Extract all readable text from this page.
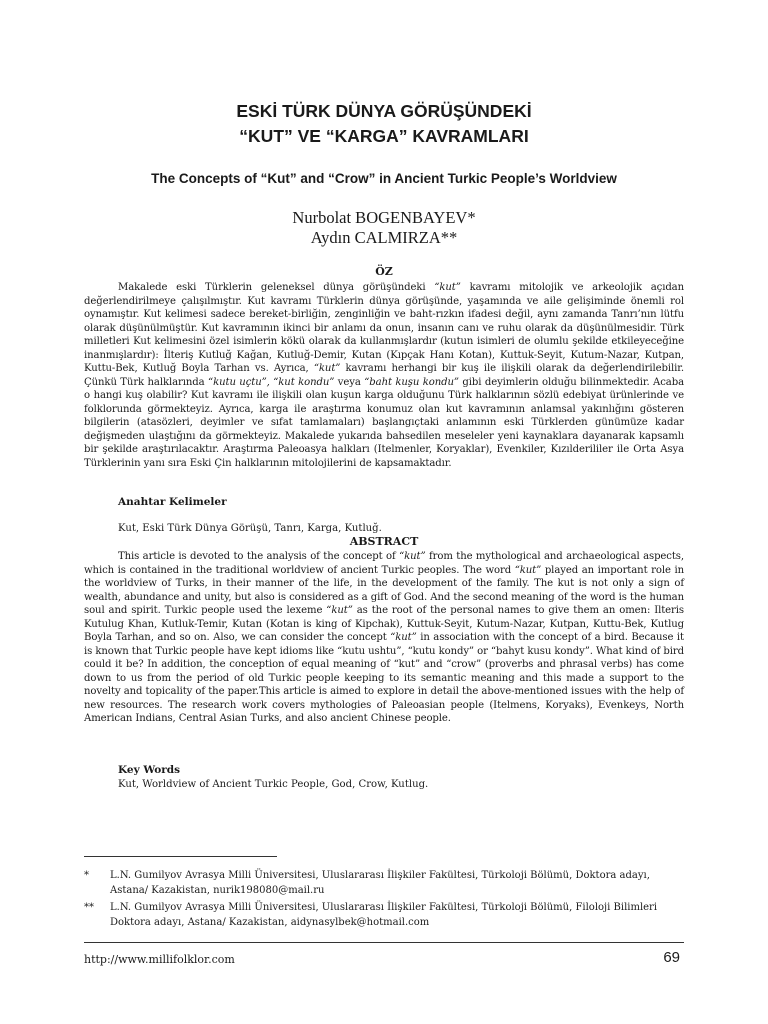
ESKİ TÜRK DÜNYA GÖRÜŞÜNDEKİ
“KUT” VE “KARGA” KAVRAMLARI
The Concepts of “Kut” and “Crow” in Ancient Turkic People’s Worldview
Nurbolat BOGENBAYEV*
Aydın CALMIRZA**
ÖZ

Makalede eski Türklerin geleneksel dünya görüşündeki “kut” kavramı mitolojik ve arkeolojik açıdan değerlendirilmeye çalışılmıştır. Kut kavramı Türklerin dünya görüşünde, yaşamında ve aile gelişiminde önemli rol oynamıştır. Kut kelimesi sadece bereket-birliğin, zenginliğin ve baht-rızkın ifadesi değil, aynı zamanda Tanrı’nın lütfu olarak düşünülmüştür. Kut kavramının ikinci bir anlamı da onun, insanın canı ve ruhu olarak da düşünülmesidir. Türk milletleri Kut kelimesini özel isimlerin kökü olarak da kullanmışlardır (kutun isimleri de olumlu şekilde etkileyeceğine inanmışlardır): İlteriş Kutluğ Kağan, Kutluğ-Demir, Kutan (Kıpçak Hanı Kotan), Kuttuk-Seyit, Kutum-Nazar, Kutpan, Kuttu-Bek, Kutluğ Boyla Tarhan vs. Ayrıca, “kut” kavramı herhangi bir kuş ile ilişkili olarak da değerlendirilebilir. Çünkü Türk halklarında “kutu uçtu”, “kut kondu” veya “baht kuşu kondu” gibi deyimlerin olduğu bilinmektedir. Acaba o hangi kuş olabilir? Kut kavramı ile ilişkili olan kuşun karga olduğunu Türk halklarının sözlü edebiyat ürünlerinde ve folklorunda görmekteyiz. Ayrıca, karga ile araştırma konumuz olan kut kavramının anlamsal yakınlığını gösteren bilgilerin (atasözleri, deyimler ve sıfat tamlamaları) başlangıçtaki anlamının eski Türklerden günümüze kadar değişmeden ulaştığını da görmekteyiz. Makalede yukarıda bahsedilen meseleler yeni kaynaklara dayanarak kapsamlı bir şekilde araştırılacaktır. Araştırma Paleoasya halkları (Itelmenler, Koryaklar), Evenkiler, Kızılderililer ile Orta Asya Türklerinin yanı sıra Eski Çin halklarının mitolojilerini de kapsamaktadır.

Anahtar Kelimeler
Kut, Eski Türk Dünya Görüşü, Tanrı, Karga, Kutluğ.
ABSTRACT

This article is devoted to the analysis of the concept of “kut” from the mythological and archaeological aspects, which is contained in the traditional worldview of ancient Turkic peoples. The word “kut” played an important role in the worldview of Turks, in their manner of the life, in the development of the family. The kut is not only a sign of wealth, abundance and unity, but also is considered as a gift of God. And the second meaning of the word is the human soul and spirit. Turkic people used the lexeme “kut” as the root of the personal names to give them an omen: Ilteris Kutulug Khan, Kutluk-Temir, Kutan (Kotan is king of Kipchak), Kuttuk-Seyit, Kutum-Nazar, Kutpan, Kuttu-Bek, Kutlug Boyla Tarhan, and so on. Also, we can consider the concept “kut” in association with the concept of a bird. Because it is known that Turkic people have kept idioms like “kutu ushtu”, “kutu kondy” or “bahyt kusu kondy”. What kind of bird could it be? In addition, the conception of equal meaning of “kut” and “crow” (proverbs and phrasal verbs) has come down to us from the period of old Turkic people keeping to its semantic meaning and this made a support to the novelty and topicality of the paper.This article is aimed to explore in detail the above-mentioned issues with the help of new resources. The research work covers mythologies of Paleoasian people (Itelmens, Koryaks), Evenkeys, North American Indians, Central Asian Turks, and also ancient Chinese people.

Key Words
Kut, Worldview of Ancient Turkic People, God, Crow, Kutlug.
* L.N. Gumilyov Avrasya Milli Üniversitesi, Uluslararası İlişkiler Fakültesi, Türkoloji Bölümü, Doktora adayı, Astana/ Kazakistan, nurik198080@mail.ru
** L.N. Gumilyov Avrasya Milli Üniversitesi, Uluslararası İlişkiler Fakültesi, Türkoloji Bölümü, Filoloji Bilimleri Doktora adayı, Astana/ Kazakistan, aidynasylbek@hotmail.com
http://www.millifolklor.com	69
